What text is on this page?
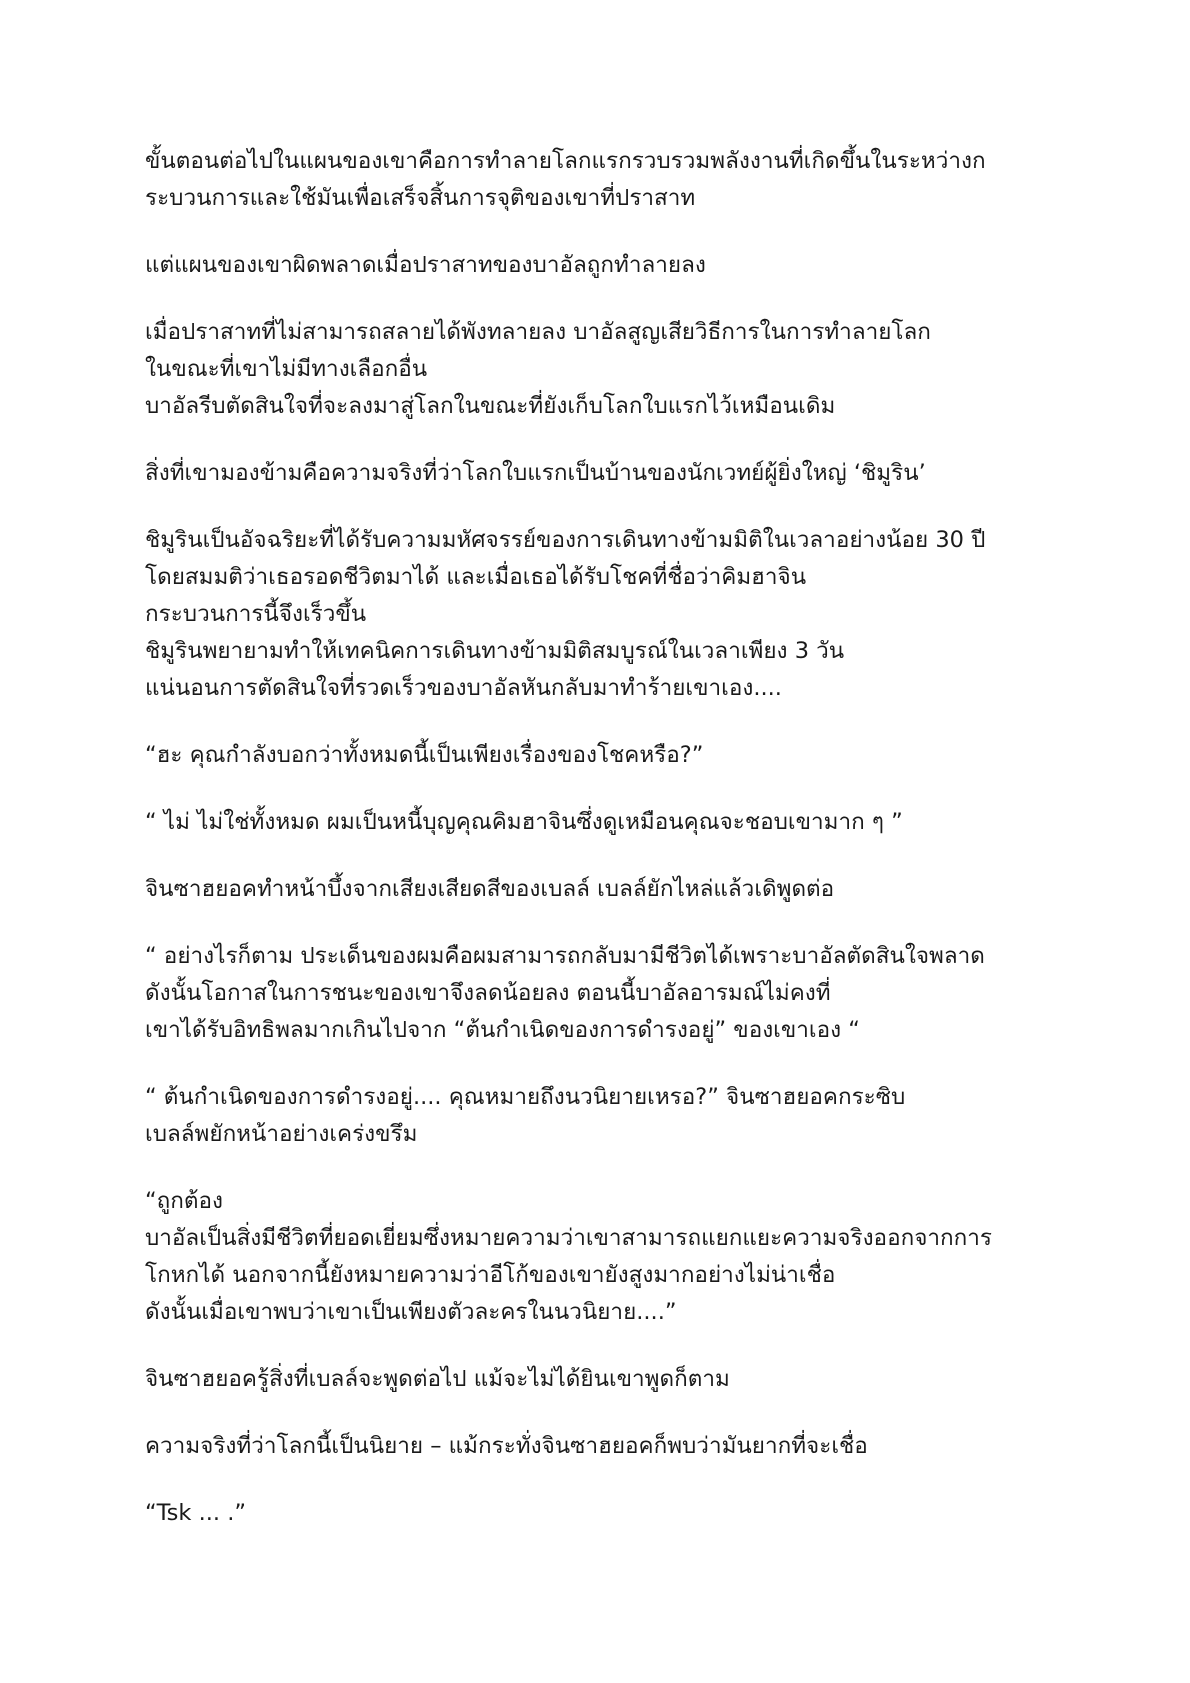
ขั้นตอนต่อไปในแผนของเขาคือการทำลายโลกแรกรวบรวมพลังงานที่เกิดขึ้นในระหว่างก
ระบวนการและใช้มันเพื่อเสร็จสิ้นการจุติของเขาที่ปราสาท

แต่แผนของเขาผิดพลาดเมื่อปราสาทของบาอัลถูกทำลายลง

เมื่อปราสาทที่ไม่สามารถสลายได้พังทลายลง บาอัลสูญเสียวิธีการในการทำลายโลก
ในขณะที่เขาไม่มีทางเลือกอื่น
บาอัลรีบตัดสินใจที่จะลงมาสู่โลกในขณะที่ยังเก็บโลกใบแรกไว้เหมือนเดิม

สิ่งที่เขามองข้ามคือความจริงที่ว่าโลกใบแรกเป็นบ้านของนักเวทย์ผู้ยิ่งใหญ่ ‘ชิมูริน’

ชิมูรินเป็นอัจฉริยะที่ได้รับความมหัศจรรย์ของการเดินทางข้ามมิติในเวลาอย่างน้อย 30 ปี
โดยสมมติว่าเธอรอดชีวิตมาได้ และเมื่อเธอได้รับโชคที่ชื่อว่าคิมฮาจิน
กระบวนการนี้จึงเร็วขึ้น
ชิมูรินพยายามทำให้เทคนิคการเดินทางข้ามมิติสมบูรณ์ในเวลาเพียง 3 วัน
แน่นอนการตัดสินใจที่รวดเร็วของบาอัลหันกลับมาทำร้ายเขาเอง....

“ฮะ คุณกำลังบอกว่าทั้งหมดนี้เป็นเพียงเรื่องของโชคหรือ?”

“ ไม่ ไม่ใช่ทั้งหมด ผมเป็นหนี้บุญคุณคิมฮาจินซึ่งดูเหมือนคุณจะชอบเขามาก ๆ ”

จินซาฮยอคทำหน้าบึ้งจากเสียงเสียดสีของเบลล์ เบลล์ยักไหล่แล้วเดิพูดต่อ

“ อย่างไรก็ตาม ประเด็นของผมคือผมสามารถกลับมามีชีวิตได้เพราะบาอัลตัดสินใจพลาด
ดังนั้นโอกาสในการชนะของเขาจึงลดน้อยลง ตอนนี้บาอัลอารมณ์ไม่คงที่
เขาได้รับอิทธิพลมากเกินไปจาก “ต้นกำเนิดของการดำรงอยู่” ของเขาเอง “

“ ต้นกำเนิดของการดำรงอยู่.... คุณหมายถึงนวนิยายเหรอ?” จินซาฮยอคกระซิบ
เบลล์พยักหน้าอย่างเคร่งขรึม

“ถูกต้อง
บาอัลเป็นสิ่งมีชีวิตที่ยอดเยี่ยมซึ่งหมายความว่าเขาสามารถแยกแยะความจริงออกจากการ
โกหกได้ นอกจากนี้ยังหมายความว่าอีโก้ของเขายังสูงมากอย่างไม่น่าเชื่อ
ดังนั้นเมื่อเขาพบว่าเขาเป็นเพียงตัวละครในนวนิยาย....”

จินซาฮยอครู้สิ่งที่เบลล์จะพูดต่อไป แม้จะไม่ได้ยินเขาพูดก็ตาม

ความจริงที่ว่าโลกนี้เป็นนิยาย – แม้กระทั่งจินซาฮยอคก็พบว่ามันยากที่จะเชื่อ

“Tsk ... .”
